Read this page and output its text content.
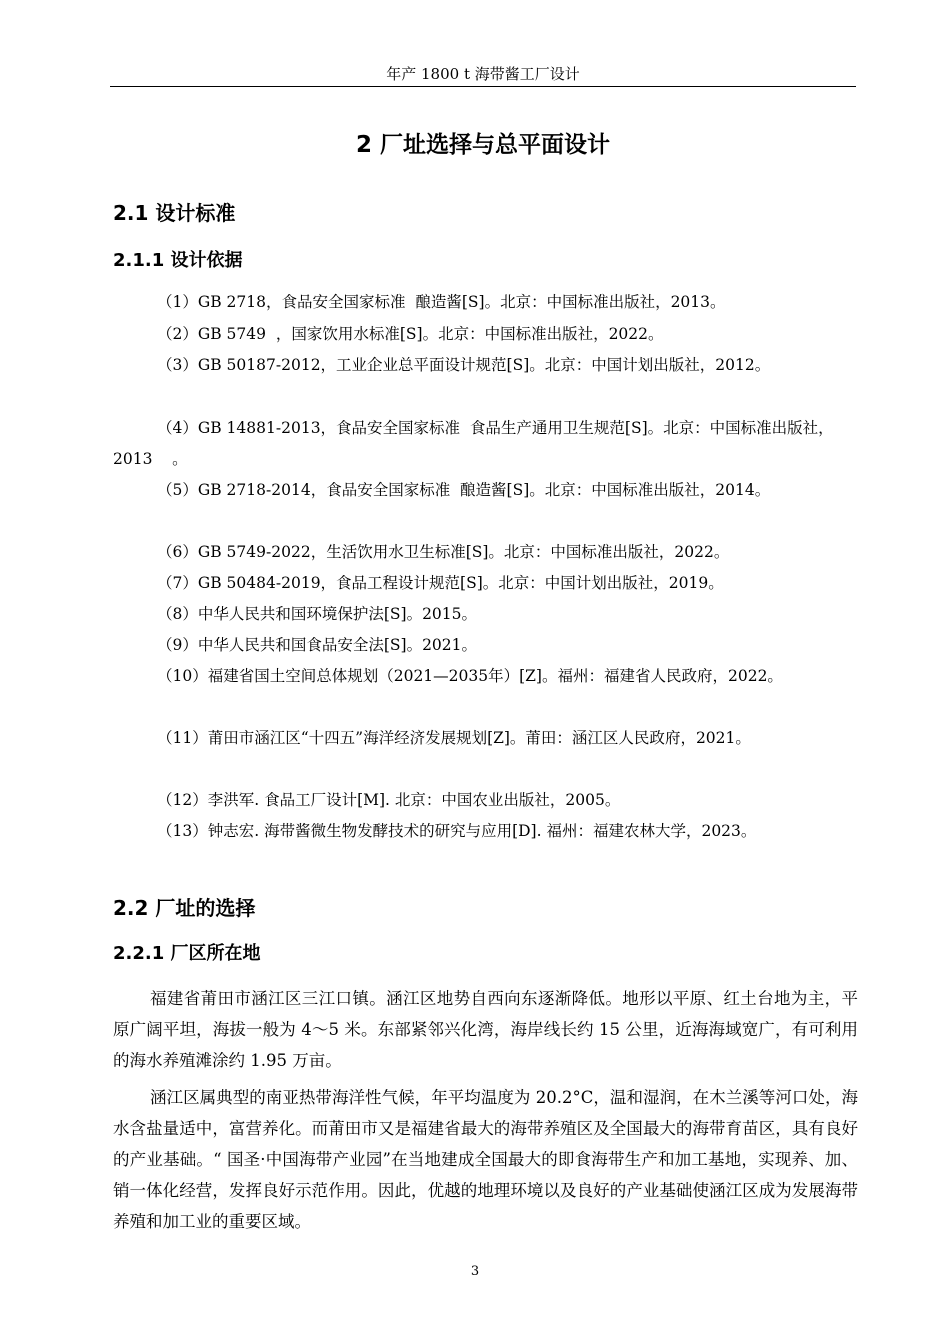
年产 1800 t 海带酱工厂设计
2 厂址选择与总平面设计
2.1 设计标准
2.1.1 设计依据
（1）GB 2718，食品安全国家标准  酿造酱[S]。北京：中国标准出版社，2013。
（2）GB 5749  ，国家饮用水标准[S]。北京：中国标准出版社，2022。
（3）GB 50187-2012，工业企业总平面设计规范[S]。北京：中国计划出版社，2012。
（4）GB 14881-2013，食品安全国家标准  食品生产通用卫生规范[S]。北京：中国标准出版社，2013    。
（5）GB 2718-2014，食品安全国家标准  酿造酱[S]。北京：中国标准出版社，2014。
（6）GB 5749-2022，生活饮用水卫生标准[S]。北京：中国标准出版社，2022。
（7）GB 50484-2019，食品工程设计规范[S]。北京：中国计划出版社，2019。
（8）中华人民共和国环境保护法[S]。2015。
（9）中华人民共和国食品安全法[S]。2021。
（10）福建省国土空间总体规划（2021—2035年）[Z]。福州：福建省人民政府，2022。
（11）莆田市涵江区“十四五”海洋经济发展规划[Z]。莆田：涵江区人民政府，2021。
（12）李洪军. 食品工厂设计[M]. 北京：中国农业出版社，2005。
（13）钟志宏. 海带酱微生物发酵技术的研究与应用[D]. 福州：福建农林大学，2023。
2.2 厂址的选择
2.2.1 厂区所在地
福建省莆田市涵江区三江口镇。涵江区地势自西向东逐渐降低。地形以平原、红土台地为主，平原广阔平坦，海拔一般为 4～5 米。东部紧邻兴化湾，海岸线长约 15 公里，近海海域宽广，有可利用的海水养殖滩涂约 1.95 万亩。
涵江区属典型的南亚热带海洋性气候，年平均温度为 20.2°C，温和湿润，在木兰溪等河口处，海水含盐量适中，富营养化。而莆田市又是福建省最大的海带养殖区及全国最大的海带育苗区，具有良好的产业基础。“ 国圣·中国海带产业园”在当地建成全国最大的即食海带生产和加工基地，实现养、加、销一体化经营，发挥良好示范作用。因此，优越的地理环境以及良好的产业基础使涵江区成为发展海带养殖和加工业的重要区域。
3
